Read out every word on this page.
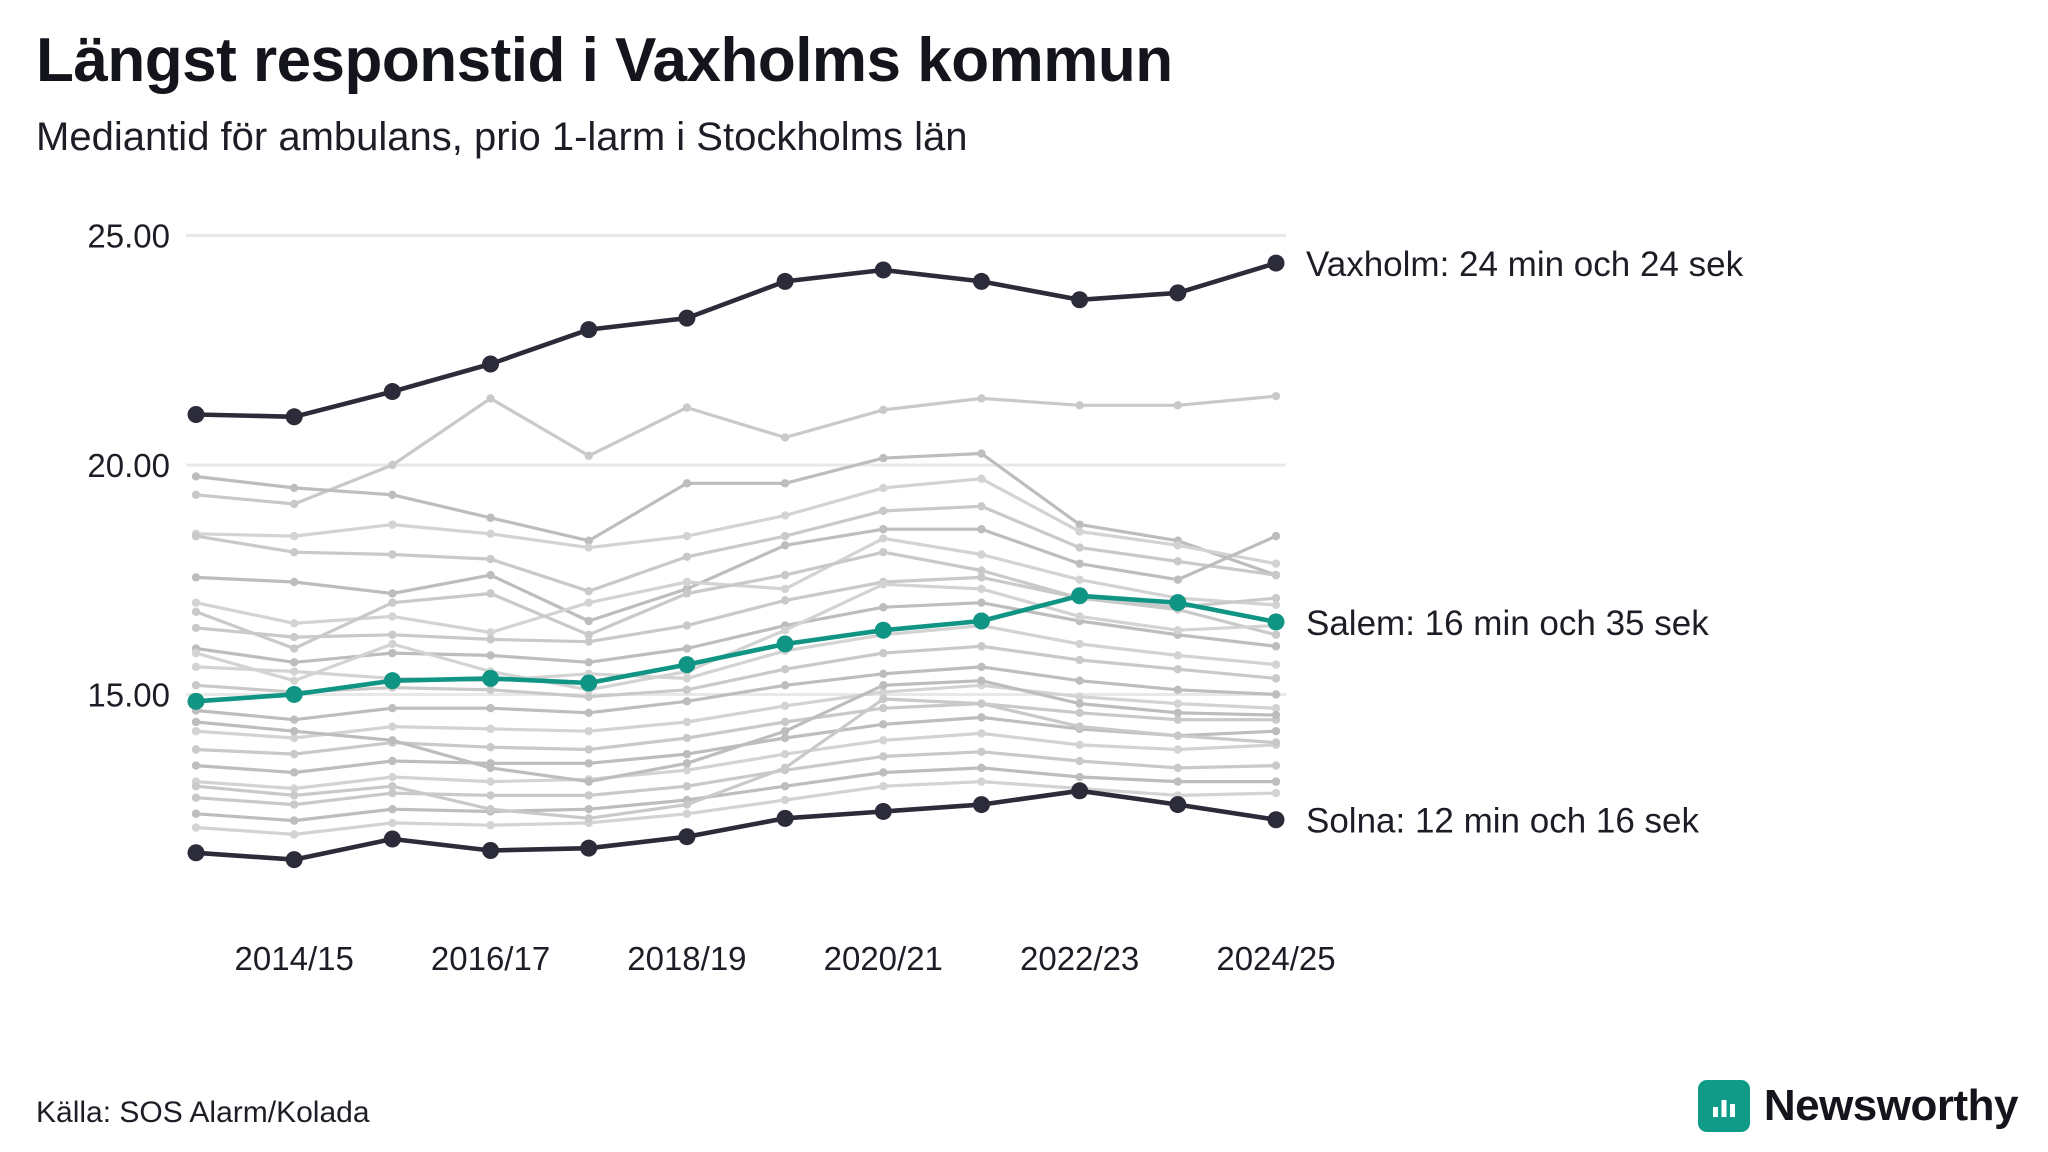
Längst responstid i Vaxholms kommun
Mediantid för ambulans, prio 1-larm i Stockholms län
15.00
20.00
25.00
Vaxholm: 24 min och 24 sek
Salem: 16 min och 35 sek
Solna: 12 min och 16 sek
2014/15 2016/17 2018/19 2020/21 2022/23 2024/25
Källa: SOS Alarm/Kolada	Newsworthy
